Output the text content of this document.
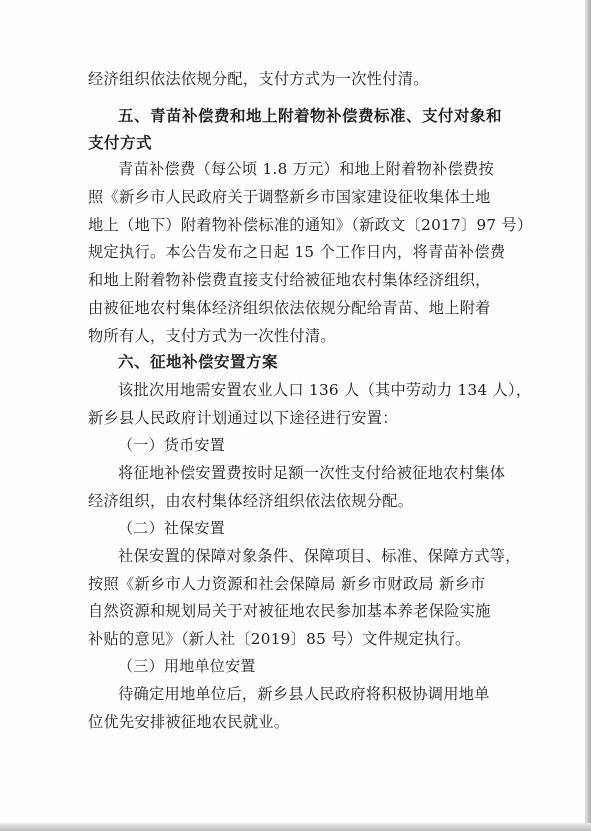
经济组织依法依规分配，支付方式为一次性付清。
五、青苗补偿费和地上附着物补偿费标准、支付对象和
支付方式
青苗补偿费（每公顷 1.8 万元）和地上附着物补偿费按
照《新乡市人民政府关于调整新乡市国家建设征收集体土地
地上（地下）附着物补偿标准的通知》（新政文〔2017〕97 号）
规定执行。本公告发布之日起 15 个工作日内，将青苗补偿费
和地上附着物补偿费直接支付给被征地农村集体经济组织，
由被征地农村集体经济组织依法依规分配给青苗、地上附着
物所有人，支付方式为一次性付清。
六、征地补偿安置方案
该批次用地需安置农业人口 136 人（其中劳动力 134 人），
新乡县人民政府计划通过以下途径进行安置：
（一）货币安置
将征地补偿安置费按时足额一次性支付给被征地农村集体
经济组织，由农村集体经济组织依法依规分配。
（二）社保安置
社保安置的保障对象条件、保障项目、标准、保障方式等，
按照《新乡市人力资源和社会保障局 新乡市财政局 新乡市
自然资源和规划局关于对被征地农民参加基本养老保险实施
补贴的意见》（新人社〔2019〕85 号）文件规定执行。
（三）用地单位安置
待确定用地单位后，新乡县人民政府将积极协调用地单
位优先安排被征地农民就业。
